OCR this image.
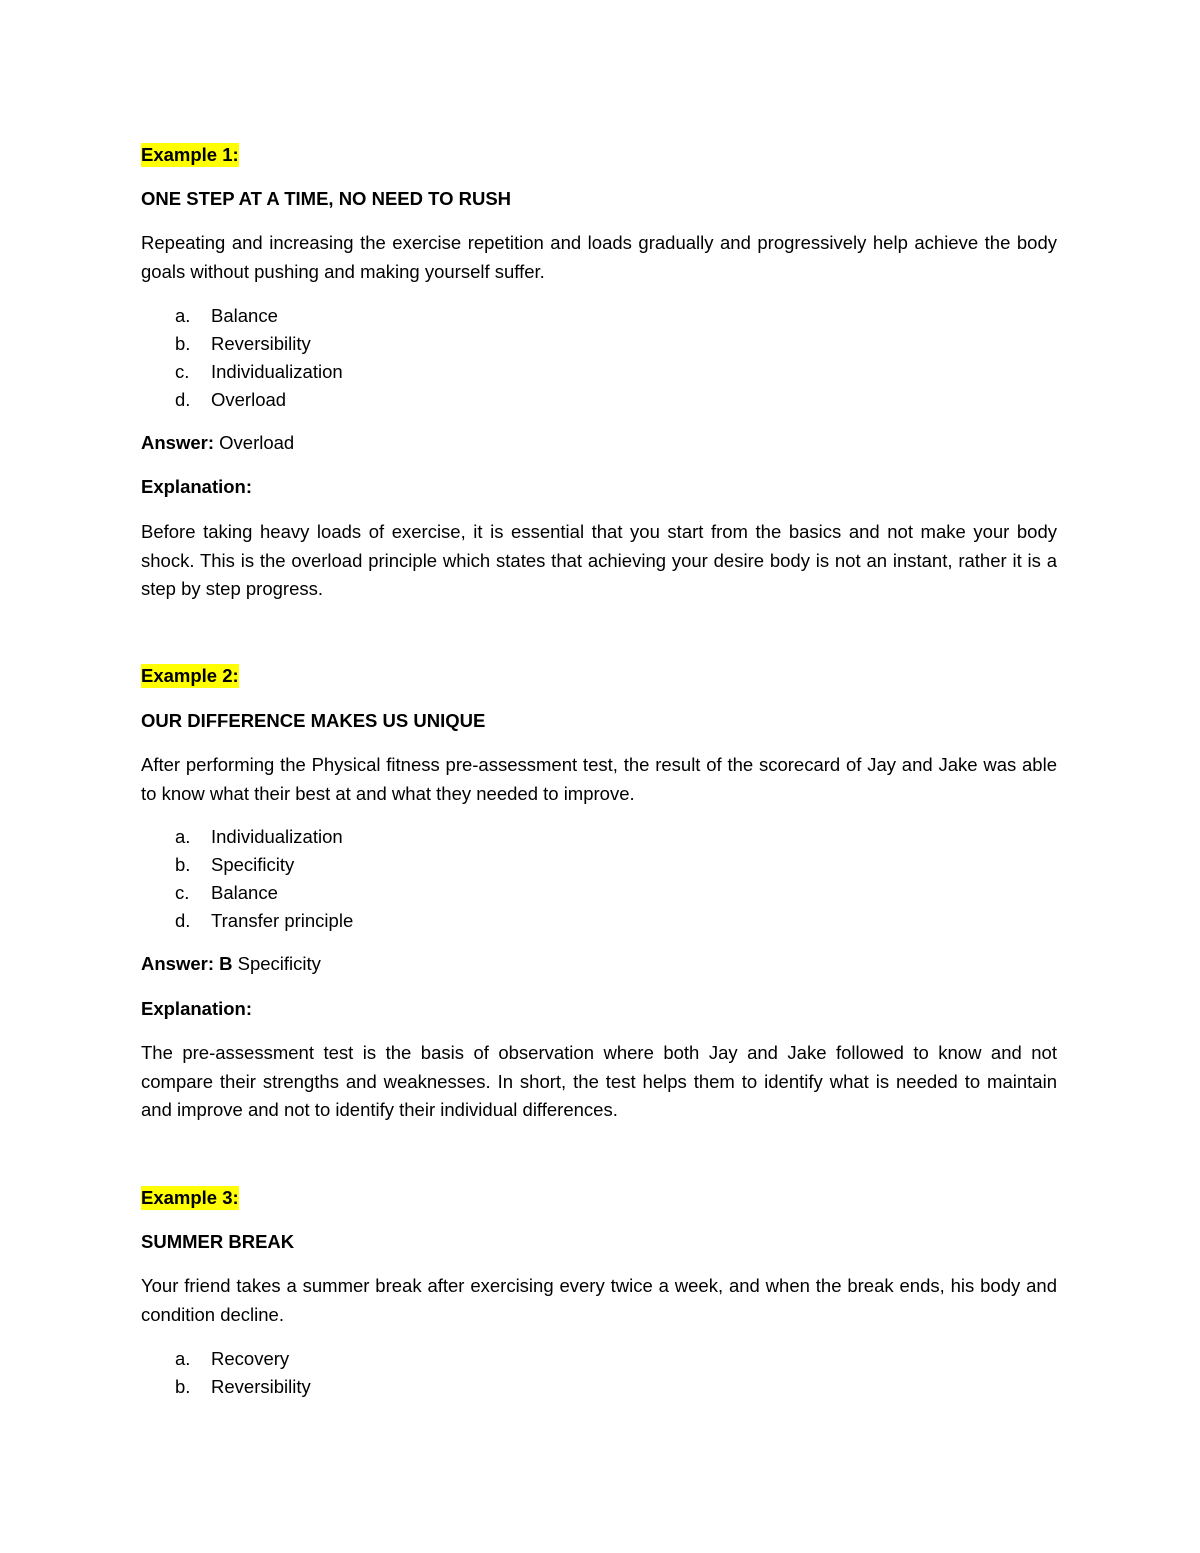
Example 1:
ONE STEP AT A TIME, NO NEED TO RUSH
Repeating and increasing the exercise repetition and loads gradually and progressively help achieve the body goals without pushing and making yourself suffer.
a. Balance
b. Reversibility
c. Individualization
d. Overload
Answer: Overload
Explanation:
Before taking heavy loads of exercise, it is essential that you start from the basics and not make your body shock. This is the overload principle which states that achieving your desire body is not an instant, rather it is a step by step progress.
Example 2:
OUR DIFFERENCE MAKES US UNIQUE
After performing the Physical fitness pre-assessment test, the result of the scorecard of Jay and Jake was able to know what their best at and what they needed to improve.
a. Individualization
b. Specificity
c. Balance
d. Transfer principle
Answer: B Specificity
Explanation:
The pre-assessment test is the basis of observation where both Jay and Jake followed to know and not compare their strengths and weaknesses. In short, the test helps them to identify what is needed to maintain and improve and not to identify their individual differences.
Example 3:
SUMMER BREAK
Your friend takes a summer break after exercising every twice a week, and when the break ends, his body and condition decline.
a. Recovery
b. Reversibility
